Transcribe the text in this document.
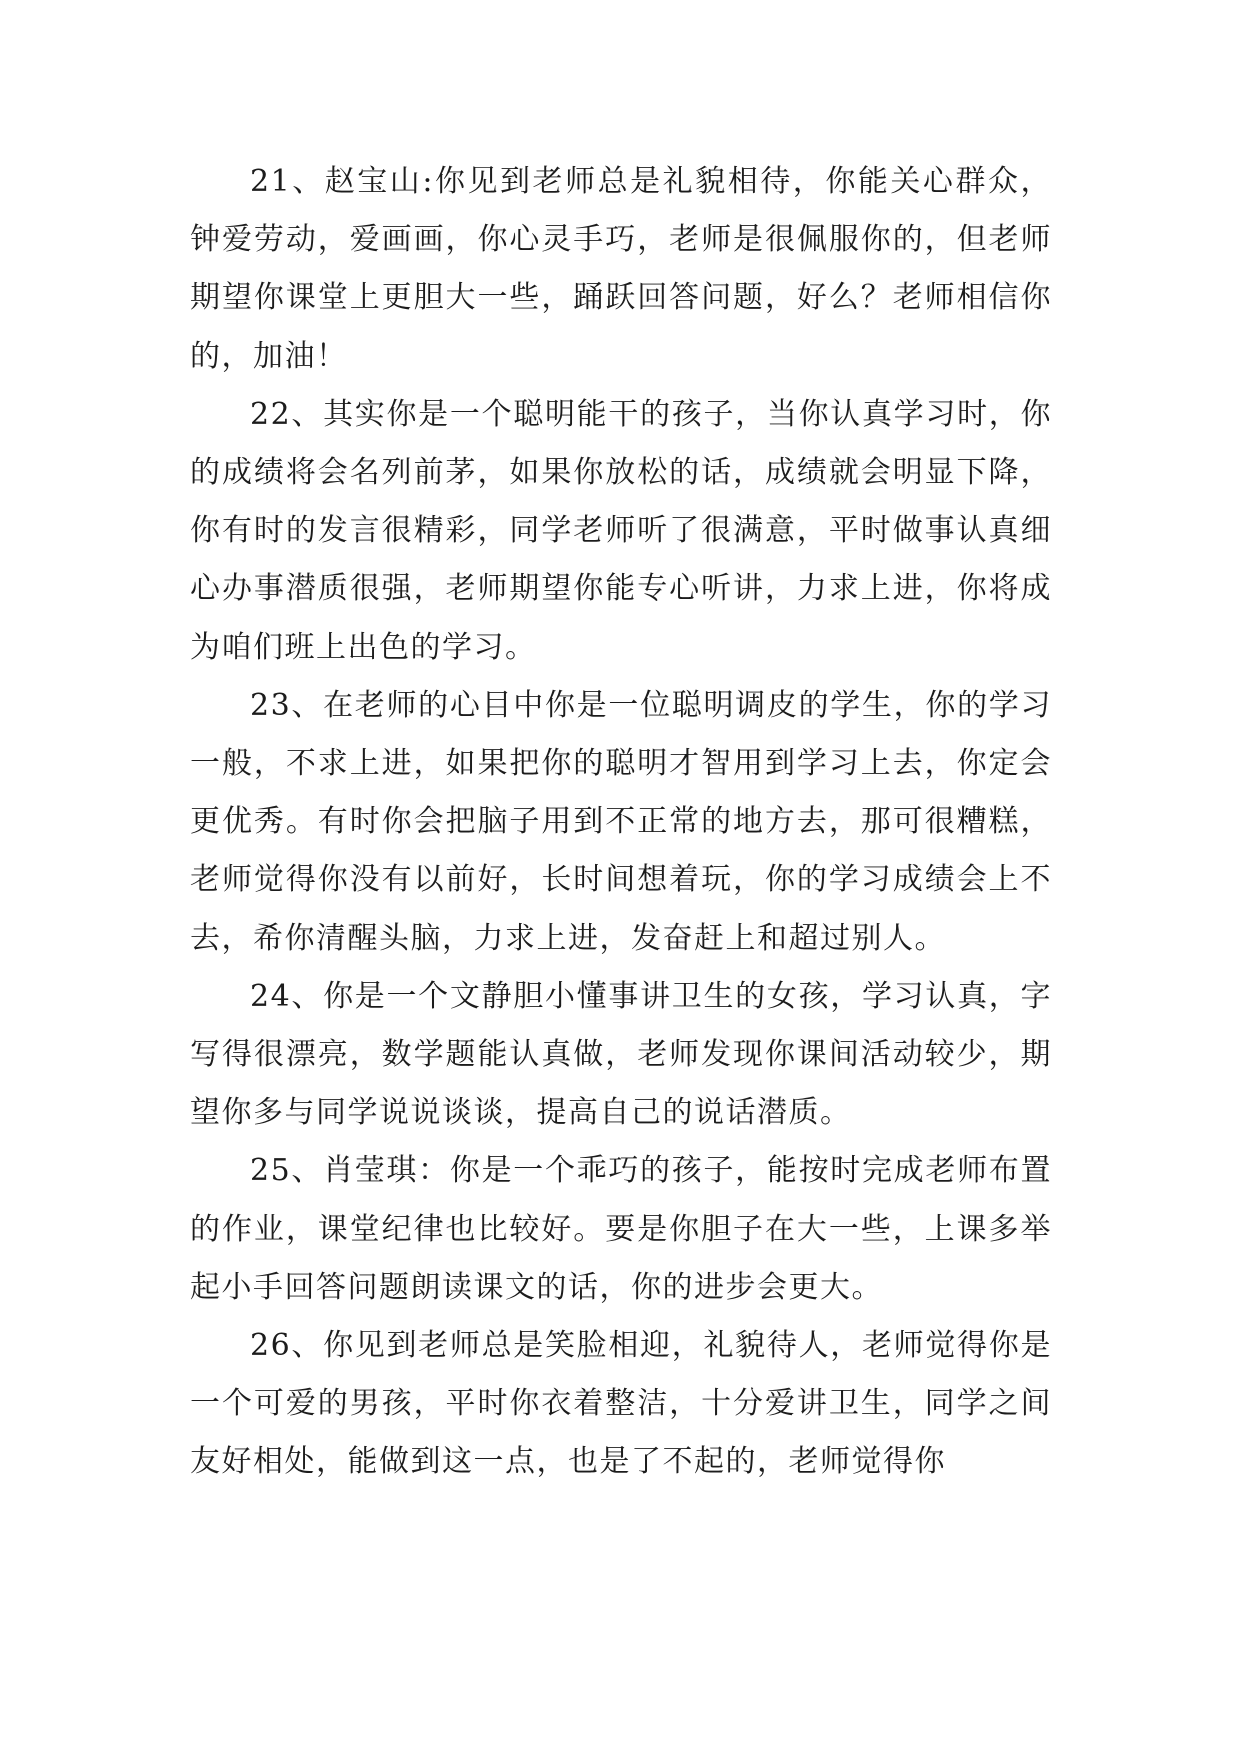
21、赵宝山:你见到老师总是礼貌相待，你能关心群众，钟爱劳动，爱画画，你心灵手巧，老师是很佩服你的，但老师期望你课堂上更胆大一些，踊跃回答问题，好么？老师相信你的，加油！

22、其实你是一个聪明能干的孩子，当你认真学习时，你的成绩将会名列前茅，如果你放松的话，成绩就会明显下降，你有时的发言很精彩，同学老师听了很满意，平时做事认真细心办事潜质很强，老师期望你能专心听讲，力求上进，你将成为咱们班上出色的学习。

23、在老师的心目中你是一位聪明调皮的学生，你的学习一般，不求上进，如果把你的聪明才智用到学习上去，你定会更优秀。有时你会把脑子用到不正常的地方去，那可很糟糕，老师觉得你没有以前好，长时间想着玩，你的学习成绩会上不去，希你清醒头脑，力求上进，发奋赶上和超过别人。

24、你是一个文静胆小懂事讲卫生的女孩，学习认真，字写得很漂亮，数学题能认真做，老师发现你课间活动较少，期望你多与同学说说谈谈，提高自己的说话潜质。

25、肖莹琪：你是一个乖巧的孩子，能按时完成老师布置的作业，课堂纪律也比较好。要是你胆子在大一些，上课多举起小手回答问题朗读课文的话，你的进步会更大。

26、你见到老师总是笑脸相迎，礼貌待人，老师觉得你是一个可爱的男孩，平时你衣着整洁，十分爱讲卫生，同学之间友好相处，能做到这一点，也是了不起的，老师觉得你
